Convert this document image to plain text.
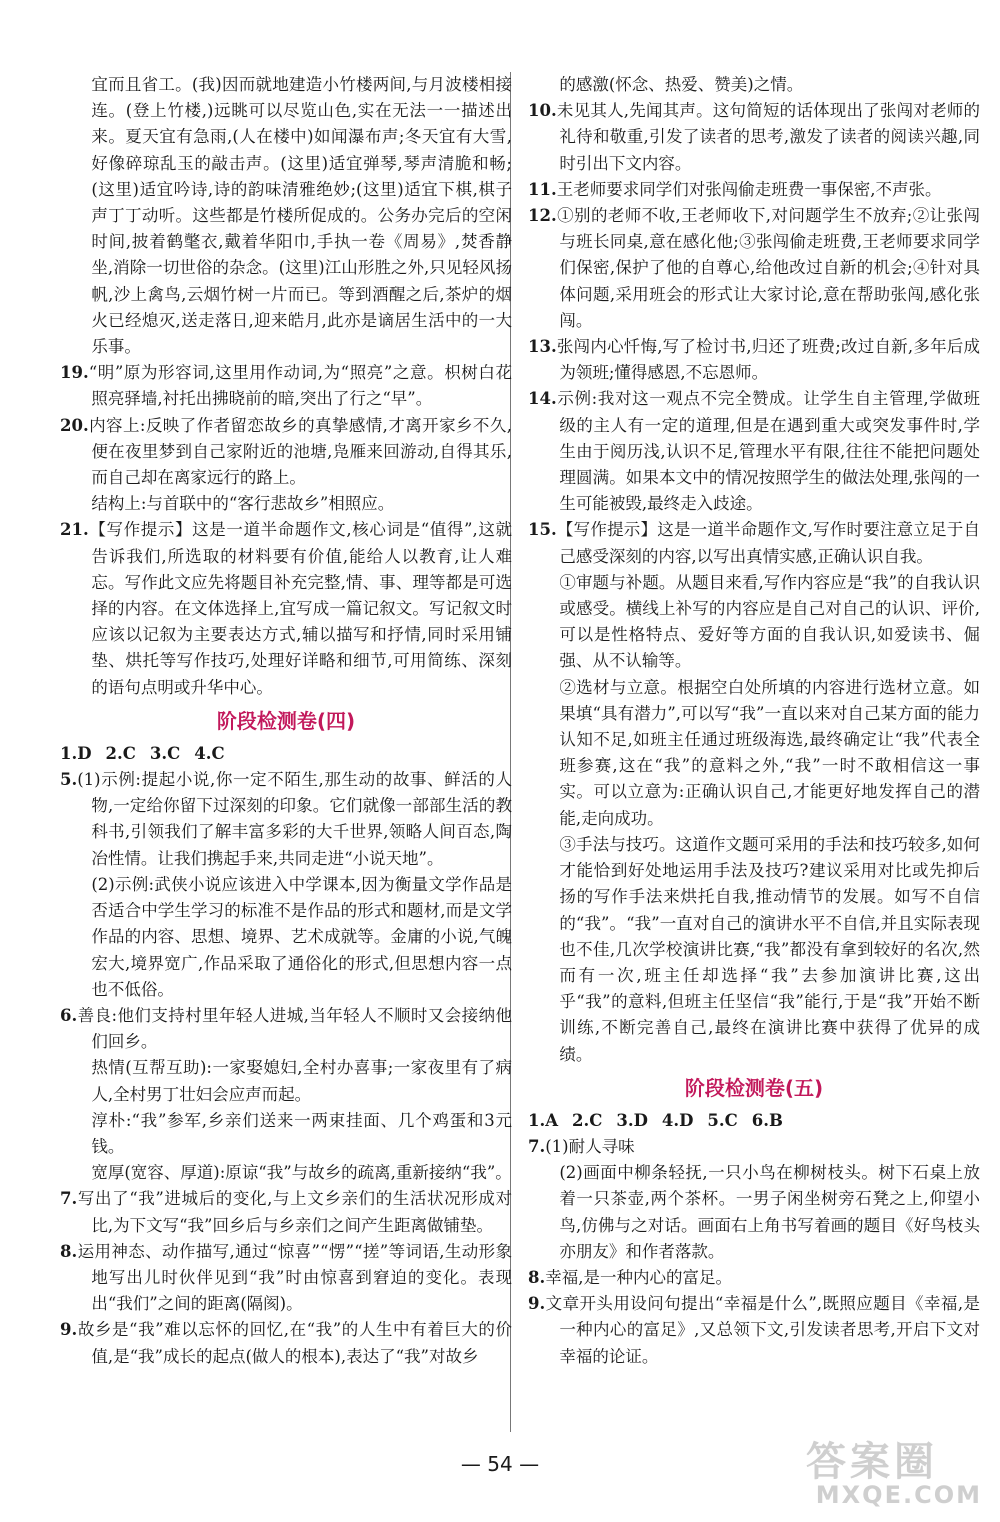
宜而且省工。(我)因而就地建造小竹楼两间,与月波楼相接连。(登上竹楼,)远眺可以尽览山色,实在无法一一描述出来。夏天宜有急雨,(人在楼中)如闻瀑布声;冬天宜有大雪,好像碎琼乱玉的敲击声。(这里)适宜弹琴,琴声清脆和畅;(这里)适宜吟诗,诗的韵味清雅绝妙;(这里)适宜下棋,棋子声丁丁动听。这些都是竹楼所促成的。公务办完后的空闲时间,披着鹤氅衣,戴着华阳巾,手执一卷《周易》,焚香静坐,消除一切世俗的杂念。(这里)江山形胜之外,只见轻风扬帆,沙上禽鸟,云烟竹树一片而已。等到酒醒之后,茶炉的烟火已经熄灭,送走落日,迎来皓月,此亦是谪居生活中的一大乐事。

19.“明”原为形容词,这里用作动词,为“照亮”之意。枳树白花照亮驿墙,衬托出拂晓前的暗,突出了行之“早”。

20.内容上:反映了作者留恋故乡的真挚感情,才离开家乡不久,便在夜里梦到自己家附近的池塘,凫雁来回游动,自得其乐,而自己却在离家远行的路上。

结构上:与首联中的“客行悲故乡”相照应。

21.【写作提示】这是一道半命题作文,核心词是“值得”,这就告诉我们,所选取的材料要有价值,能给人以教育,让人难忘。写作此文应先将题目补充完整,情、事、理等都是可选择的内容。在文体选择上,宜写成一篇记叙文。写记叙文时应该以记叙为主要表达方式,辅以描写和抒情,同时采用铺垫、烘托等写作技巧,处理好详略和细节,可用简练、深刻的语句点明或升华中心。

阶段检测卷(四)

1.D 2.C 3.C 4.C

5.(1)示例:提起小说,你一定不陌生,那生动的故事、鲜活的人物,一定给你留下过深刻的印象。它们就像一部部生活的教科书,引领我们了解丰富多彩的大千世界,领略人间百态,陶冶性情。让我们携起手来,共同走进“小说天地”。

(2)示例:武侠小说应该进入中学课本,因为衡量文学作品是否适合中学生学习的标准不是作品的形式和题材,而是文学作品的内容、思想、境界、艺术成就等。金庸的小说,气魄宏大,境界宽广,作品采取了通俗化的形式,但思想内容一点也不低俗。

6.善良:他们支持村里年轻人进城,当年轻人不顺时又会接纳他们回乡。

热情(互帮互助):一家娶媳妇,全村办喜事;一家夜里有了病人,全村男丁壮妇会应声而起。

淳朴:“我”参军,乡亲们送来一两束挂面、几个鸡蛋和3元钱。

宽厚(宽容、厚道):原谅“我”与故乡的疏离,重新接纳“我”。

7.写出了“我”进城后的变化,与上文乡亲们的生活状况形成对比,为下文写“我”回乡后与乡亲们之间产生距离做铺垫。

8.运用神态、动作描写,通过“惊喜”“愣”“搓”等词语,生动形象地写出儿时伙伴见到“我”时由惊喜到窘迫的变化。表现出“我们”之间的距离(隔阂)。

9.故乡是“我”难以忘怀的回忆,在“我”的人生中有着巨大的价值,是“我”成长的起点(做人的根本),表达了“我”对故乡

的感激(怀念、热爱、赞美)之情。

10.未见其人,先闻其声。这句简短的话体现出了张闯对老师的礼待和敬重,引发了读者的思考,激发了读者的阅读兴趣,同时引出下文内容。

11.王老师要求同学们对张闯偷走班费一事保密,不声张。

12.①别的老师不收,王老师收下,对问题学生不放弃;②让张闯与班长同桌,意在感化他;③张闯偷走班费,王老师要求同学们保密,保护了他的自尊心,给他改过自新的机会;④针对具体问题,采用班会的形式让大家讨论,意在帮助张闯,感化张闯。

13.张闯内心忏悔,写了检讨书,归还了班费;改过自新,多年后成为领班;懂得感恩,不忘恩师。

14.示例:我对这一观点不完全赞成。让学生自主管理,学做班级的主人有一定的道理,但是在遇到重大或突发事件时,学生由于阅历浅,认识不足,管理水平有限,往往不能把问题处理圆满。如果本文中的情况按照学生的做法处理,张闯的一生可能被毁,最终走入歧途。

15.【写作提示】这是一道半命题作文,写作时要注意立足于自己感受深刻的内容,以写出真情实感,正确认识自我。

①审题与补题。从题目来看,写作内容应是“我”的自我认识或感受。横线上补写的内容应是自己对自己的认识、评价,可以是性格特点、爱好等方面的自我认识,如爱读书、倔强、从不认输等。

②选材与立意。根据空白处所填的内容进行选材立意。如果填“具有潜力”,可以写“我”一直以来对自己某方面的能力认知不足,如班主任通过班级海选,最终确定让“我”代表全班参赛,这在“我”的意料之外,“我”一时不敢相信这一事实。可以立意为:正确认识自己,才能更好地发挥自己的潜能,走向成功。

③手法与技巧。这道作文题可采用的手法和技巧较多,如何才能恰到好处地运用手法及技巧?建议采用对比或先抑后扬的写作手法来烘托自我,推动情节的发展。如写不自信的“我”。“我”一直对自己的演讲水平不自信,并且实际表现也不佳,几次学校演讲比赛,“我”都没有拿到较好的名次,然而有一次,班主任却选择“我”去参加演讲比赛,这出乎“我”的意料,但班主任坚信“我”能行,于是“我”开始不断训练,不断完善自己,最终在演讲比赛中获得了优异的成绩。

阶段检测卷(五)

1.A 2.C 3.D 4.D 5.C 6.B

7.(1)耐人寻味

(2)画面中柳条轻抚,一只小鸟在柳树枝头。树下石桌上放着一只茶壶,两个茶杯。一男子闲坐树旁石凳之上,仰望小鸟,仿佛与之对话。画面右上角书写着画的题目《好鸟枝头亦朋友》和作者落款。

8.幸福,是一种内心的富足。

9.文章开头用设问句提出“幸福是什么”,既照应题目《幸福,是一种内心的富足》,又总领下文,引发读者思考,开启下文对幸福的论证。

— 54 —	答案圈
MXQE.COM
